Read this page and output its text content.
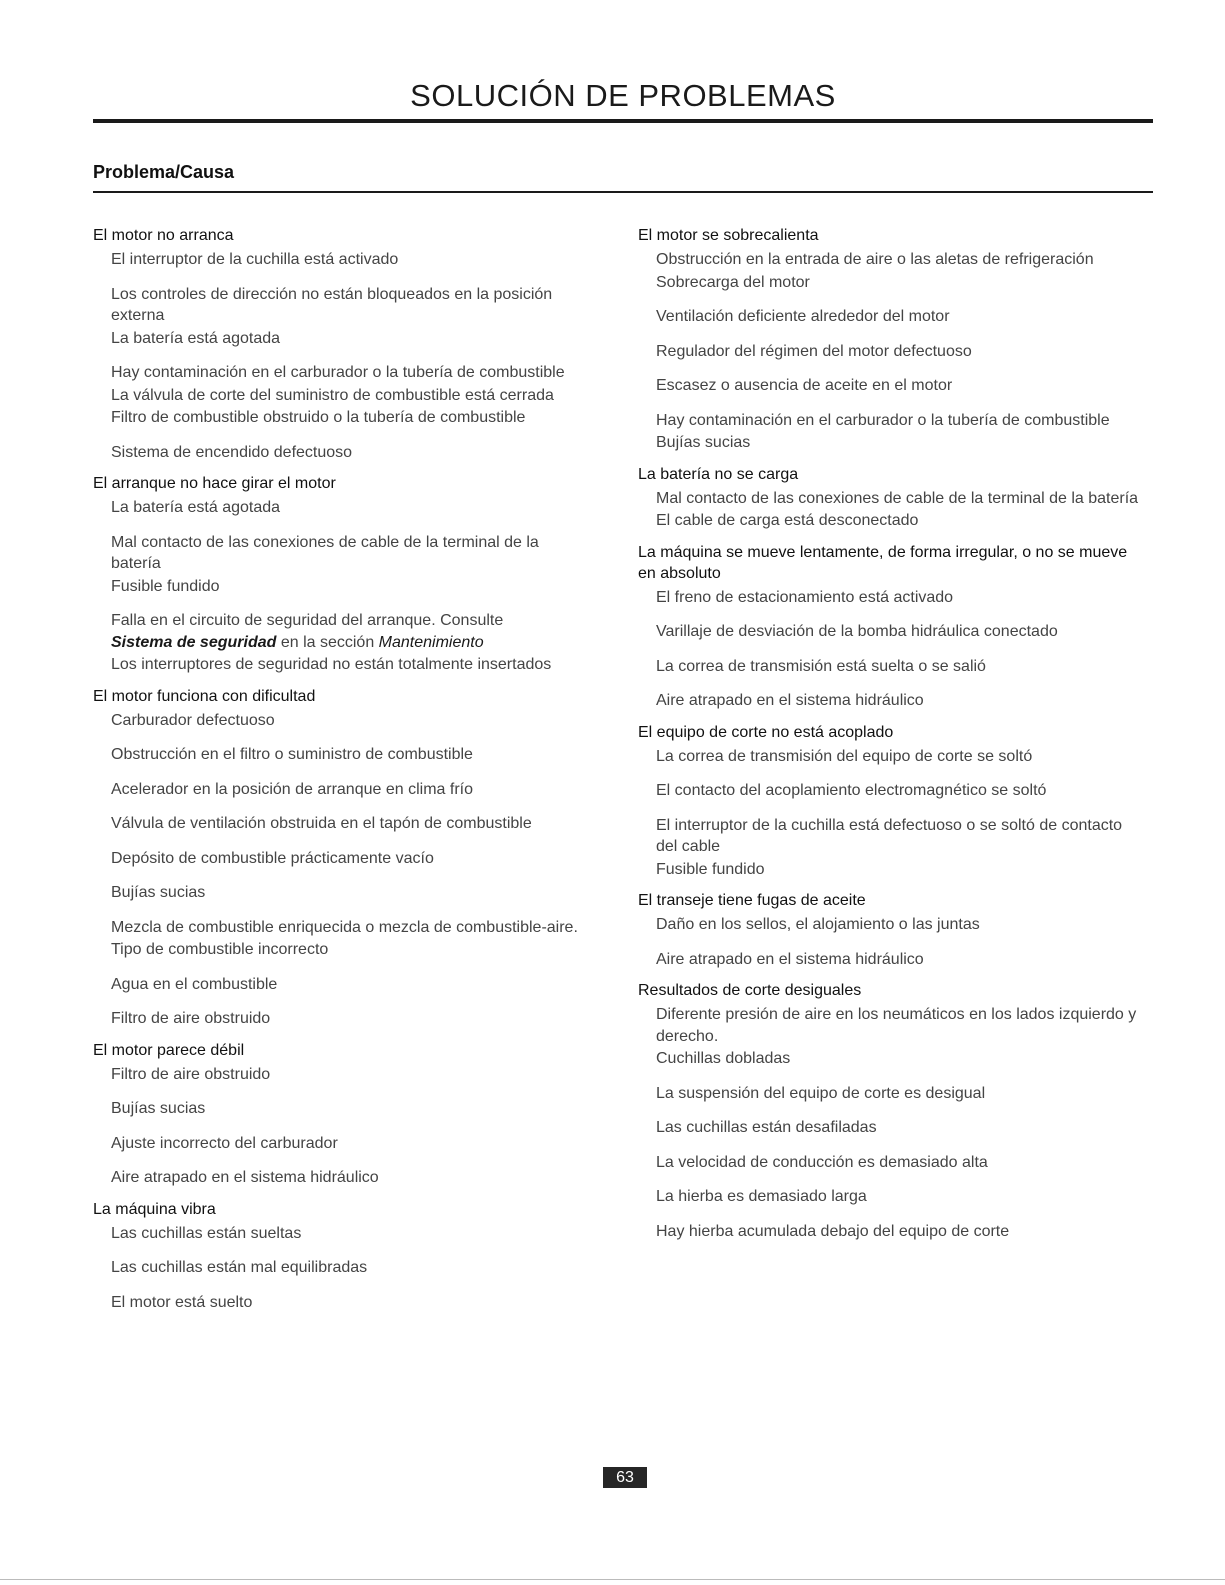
SOLUCIÓN DE PROBLEMAS
Problema/Causa
El motor no arranca
El interruptor de la cuchilla está activado
Los controles de dirección no están bloqueados en la posición externa
La batería está agotada
Hay contaminación en el carburador o la tubería de combustible
La válvula de corte del suministro de combustible está cerrada
Filtro de combustible obstruido o la tubería de combustible
Sistema de encendido defectuoso
El arranque no hace girar el motor
La batería está agotada
Mal contacto de las conexiones de cable de la terminal de la batería
Fusible fundido
Falla en el circuito de seguridad del arranque. Consulte
Sistema de seguridad en la sección Mantenimiento
Los interruptores de seguridad no están totalmente insertados
El motor funciona con dificultad
Carburador defectuoso
Obstrucción en el filtro o suministro de combustible
Acelerador en la posición de arranque en clima frío
Válvula de ventilación obstruida en el tapón de combustible
Depósito de combustible prácticamente vacío
Bujías sucias
Mezcla de combustible enriquecida o mezcla de combustible-aire.
Tipo de combustible incorrecto
Agua en el combustible
Filtro de aire obstruido
El motor parece débil
Filtro de aire obstruido
Bujías sucias
Ajuste incorrecto del carburador
Aire atrapado en el sistema hidráulico
La máquina vibra
Las cuchillas están sueltas
Las cuchillas están mal equilibradas
El motor está suelto
El motor se sobrecalienta
Obstrucción en la entrada de aire o las aletas de refrigeración
Sobrecarga del motor
Ventilación deficiente alrededor del motor
Regulador del régimen del motor defectuoso
Escasez o ausencia de aceite en el motor
Hay contaminación en el carburador o la tubería de combustible
Bujías sucias
La batería no se carga
Mal contacto de las conexiones de cable de la terminal de la batería
El cable de carga está desconectado
La máquina se mueve lentamente, de forma irregular, o no se mueve en absoluto
El freno de estacionamiento está activado
Varillaje de desviación de la bomba hidráulica conectado
La correa de transmisión está suelta o se salió
Aire atrapado en el sistema hidráulico
El equipo de corte no está acoplado
La correa de transmisión del equipo de corte se soltó
El contacto del acoplamiento electromagnético se soltó
El interruptor de la cuchilla está defectuoso o se soltó de contacto del cable
Fusible fundido
El transeje tiene fugas de aceite
Daño en los sellos, el alojamiento o las juntas
Aire atrapado en el sistema hidráulico
Resultados de corte desiguales
Diferente presión de aire en los neumáticos en los lados izquierdo y derecho.
Cuchillas dobladas
La suspensión del equipo de corte es desigual
Las cuchillas están desafiladas
La velocidad de conducción es demasiado alta
La hierba es demasiado larga
Hay hierba acumulada debajo del equipo de corte
63
